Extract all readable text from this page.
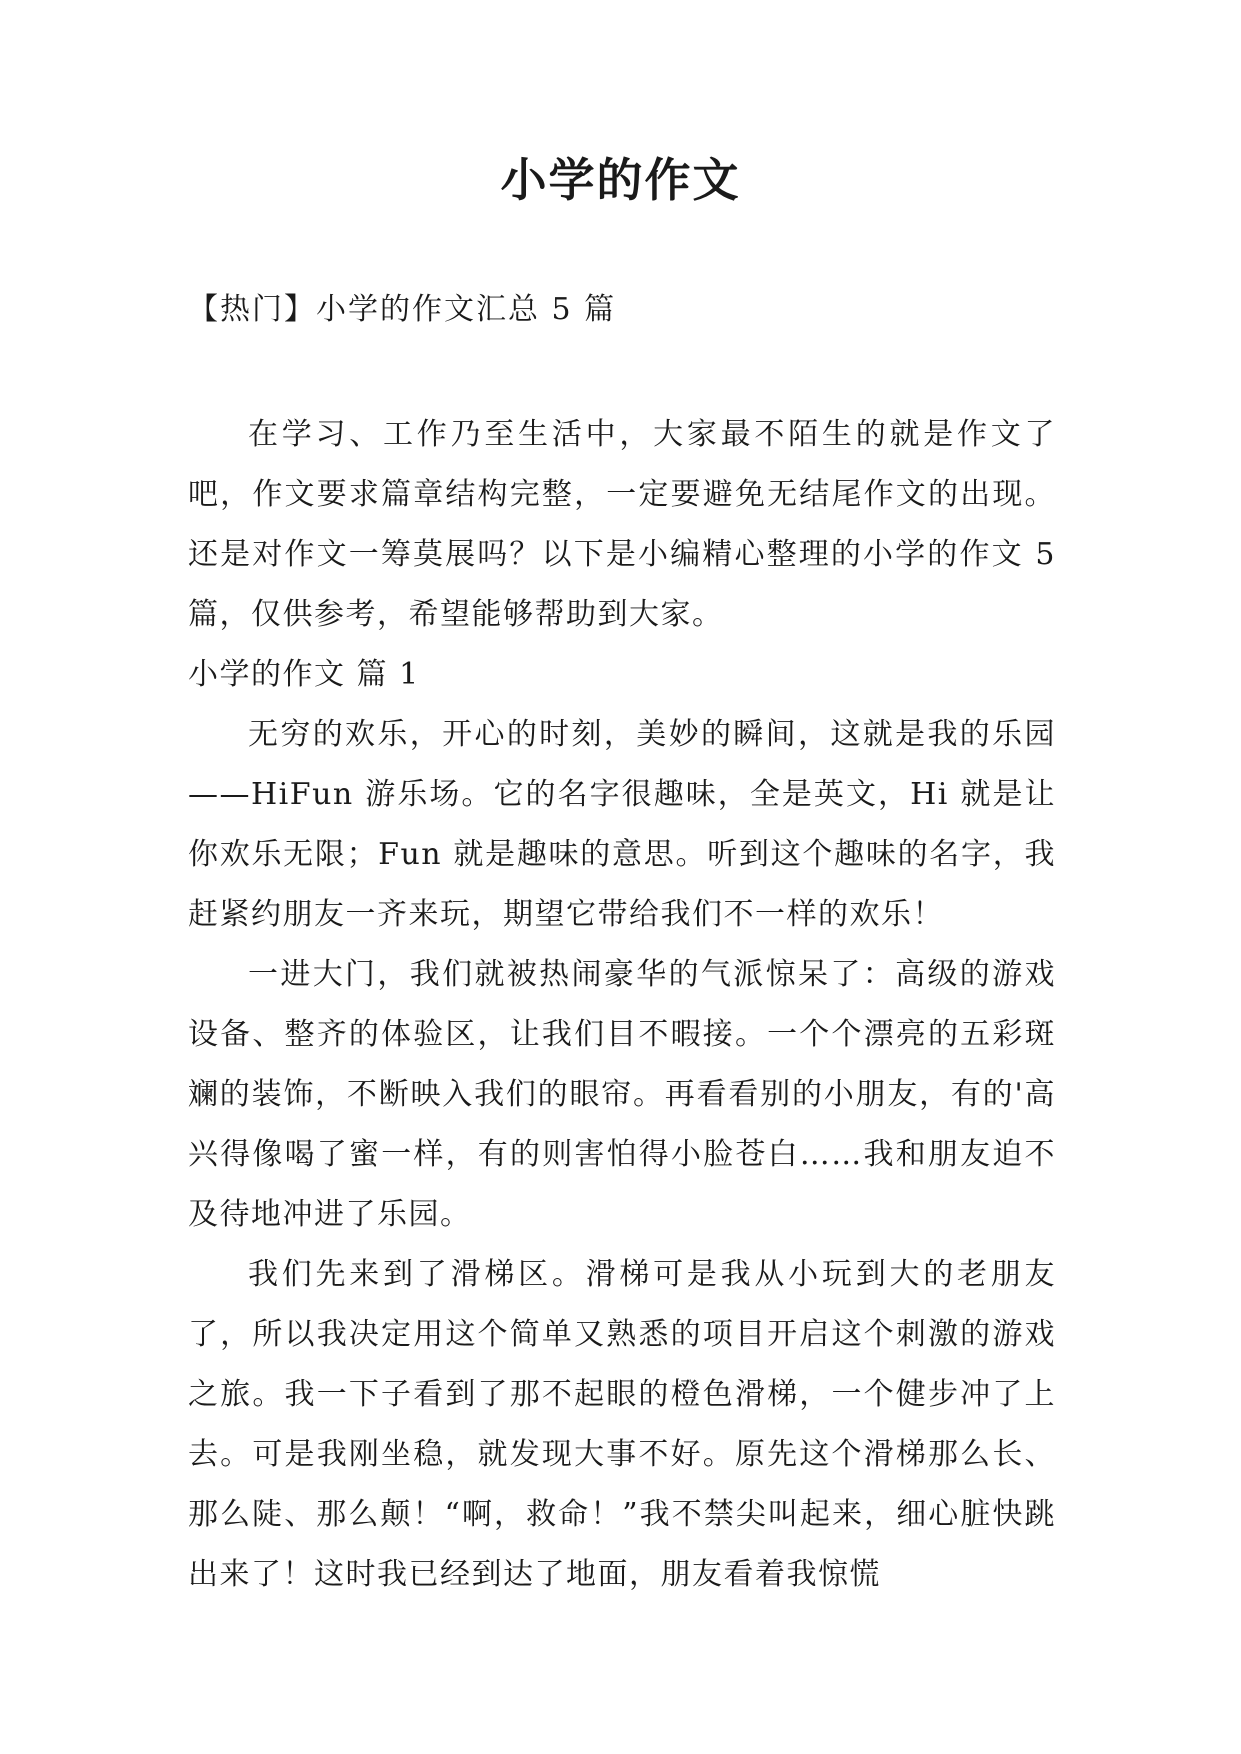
小学的作文
【热门】小学的作文汇总 5 篇

在学习、工作乃至生活中，大家最不陌生的就是作文了吧，作文要求篇章结构完整，一定要避免无结尾作文的出现。还是对作文一筹莫展吗？以下是小编精心整理的小学的作文 5 篇，仅供参考，希望能够帮助到大家。

小学的作文 篇 1

无穷的欢乐，开心的时刻，美妙的瞬间，这就是我的乐园——HiFun 游乐场。它的名字很趣味，全是英文，Hi 就是让你欢乐无限；Fun 就是趣味的意思。听到这个趣味的名字，我赶紧约朋友一齐来玩，期望它带给我们不一样的欢乐！

一进大门，我们就被热闹豪华的气派惊呆了：高级的游戏设备、整齐的体验区，让我们目不暇接。一个个漂亮的五彩斑斓的装饰，不断映入我们的眼帘。再看看别的小朋友，有的'高兴得像喝了蜜一样，有的则害怕得小脸苍白……我和朋友迫不及待地冲进了乐园。

我们先来到了滑梯区。滑梯可是我从小玩到大的老朋友了，所以我决定用这个简单又熟悉的项目开启这个刺激的游戏之旅。我一下子看到了那不起眼的橙色滑梯，一个健步冲了上去。可是我刚坐稳，就发现大事不好。原先这个滑梯那么长、那么陡、那么颠！“啊，救命！”我不禁尖叫起来，细心脏快跳出来了！这时我已经到达了地面，朋友看着我惊慌
